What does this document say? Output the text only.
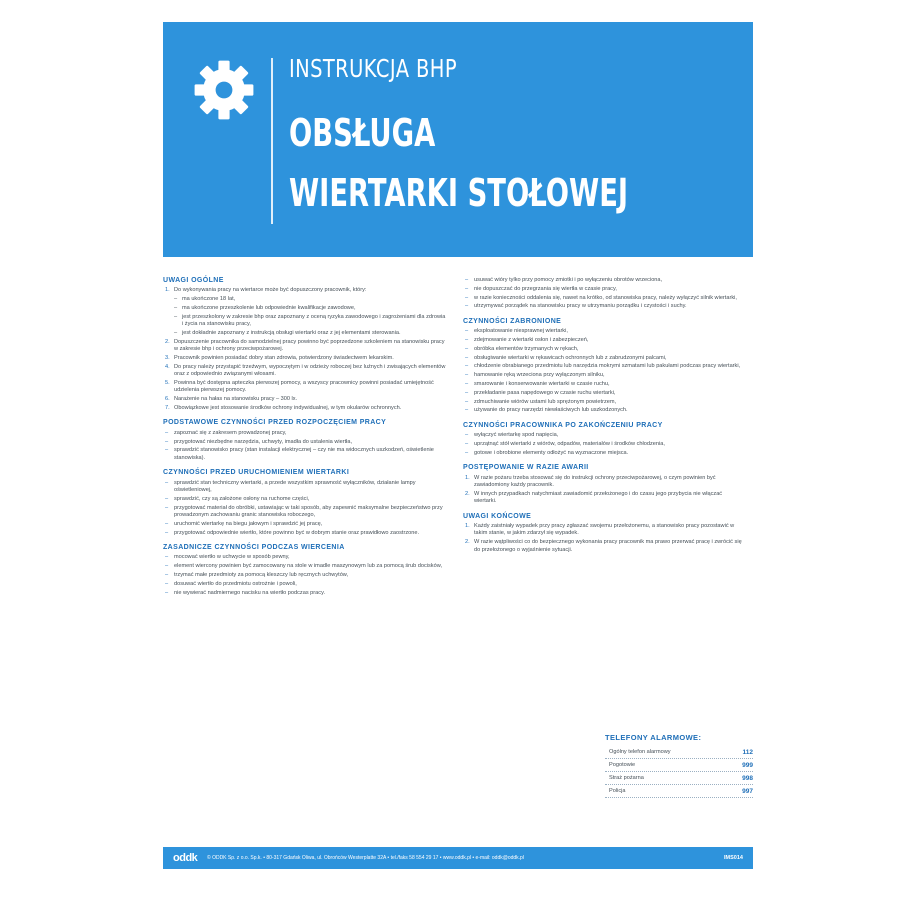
INSTRUKCJA BHP
OBSŁUGA
WIERTARKI STOŁOWEJ
UWAGI OGÓLNE
1. Do wykonywania pracy na wiertarce może być dopuszczony pracownik, który:
– ma ukończone 18 lat,
– ma ukończone przeszkolenie lub odpowiednie kwalifikacje zawodowe,
– jest przeszkolony w zakresie bhp oraz zapoznany z oceną ryzyka zawodowego i zagrożeniami dla zdrowia i życia na stanowisku pracy,
– jest dokładnie zapoznany z instrukcją obsługi wiertarki oraz z jej elementami sterowania.
2. Dopuszczenie pracownika do samodzielnej pracy powinno być poprzedzone szkoleniem na stanowisku pracy w zakresie bhp i ochrony przeciwpożarowej.
3. Pracownik powinien posiadać dobry stan zdrowia, potwierdzony świadectwem lekarskim.
4. Do pracy należy przystąpić trzeźwym, wypoczętym i w odzieży roboczej bez luźnych i zwisających elementów oraz z odpowiednio związanymi włosami.
5. Powinna być dostępna apteczka pierwszej pomocy, a wszyscy pracownicy powinni posiadać umiejętność udzielenia pierwszej pomocy.
6. Narażenie na hałas na stanowisku pracy – 300 lx.
7. Obowiązkowe jest stosowanie środków ochrony indywidualnej, w tym okularów ochronnych.
PODSTAWOWE CZYNNOŚCI PRZED ROZPOCZĘCIEM PRACY
– zapoznać się z zakresem prowadzonej pracy,
– przygotować niezbędne narzędzia, uchwyty, imadła do ustalenia wiertła,
– sprawdzić stanowisko pracy (stan instalacji elektrycznej – czy nie ma widocznych uszkodzeń, oświetlenie stanowiska).
CZYNNOŚCI PRZED URUCHOMIENIEM WIERTARKI
– sprawdzić stan techniczny wiertarki, a przede wszystkim sprawność wyłączników, działanie lampy oświetleniowej,
– sprawdzić, czy są założone osłony na ruchome części,
– przygotować materiał do obróbki, ustawiając w taki sposób, aby zapewnić maksymalne bezpieczeństwo przy prowadzonym zachowaniu granic stanowiska roboczego,
– uruchomić wiertarkę na biegu jałowym i sprawdzić jej pracę,
– przygotować odpowiednie wiertło, które powinno być w dobrym stanie oraz prawidłowo zaostrzone.
ZASADNICZE CZYNNOŚCI PODCZAS WIERCENIA
– mocować wiertło w uchwycie w sposób pewny,
– element wiercony powinien być zamocowany na stole w imadle maszynowym lub za pomocą śrub docisków,
– trzymać małe przedmioty za pomocą kleszczy lub ręcznych uchwytów,
– dosuwać wiertło do przedmiotu ostrożnie i powoli,
– nie wywierać nadmiernego nacisku na wiertło podczas pracy.
– usuwać wióry tylko przy pomocy zmiotki i po wyłączeniu obrotów wrzeciona,
– nie dopuszczać do przegrzania się wiertła w czasie pracy,
– w razie konieczności oddalenia się, nawet na krótko, od stanowiska pracy, należy wyłączyć silnik wiertarki,
– utrzymywać porządek na stanowisku pracy w utrzymaniu porządku i czystości i suchy.
CZYNNOŚCI ZABRONIONE
– eksploatowanie niesprawnej wiertarki,
– zdejmowanie z wiertarki osłon i zabezpieczeń,
– obróbka elementów trzymanych w rękach,
– obsługiwanie wiertarki w rękawicach ochronnych lub z zabrudzonymi palcami,
– chłodzenie obrabianego przedmiotu lub narzędzia mokrymi szmatami lub pakułami podczas pracy wiertarki,
– hamowanie ręką wrzeciona przy wyłączonym silniku,
– smarowanie i konserwowanie wiertarki w czasie ruchu,
– przekładanie pasa napędowego w czasie ruchu wiertarki,
– zdmuchiwanie wiórów ustami lub sprężonym powietrzem,
– używanie do pracy narzędzi niewłaściwych lub uszkodzonych.
CZYNNOŚCI PRACOWNIKA PO ZAKOŃCZENIU PRACY
– wyłączyć wiertarkę spod napięcia,
– uprzątnąć stół wiertarki z wiórów, odpadów, materiałów i środków chłodzenia,
– gotowe i obrobione elementy odłożyć na wyznaczone miejsca.
POSTĘPOWANIE W RAZIE AWARII
1. W razie pożaru trzeba stosować się do instrukcji ochrony przeciwpożarowej, o czym powinien być zawiadomiony każdy pracownik.
2. W innych przypadkach natychmiast zawiadomić przełożonego i do czasu jego przybycia nie włączać wiertarki.
UWAGI KOŃCOWE
1. Każdy zaistniały wypadek przy pracy zgłaszać swojemu przełożonemu, a stanowisko pracy pozostawić w takim stanie, w jakim zdarzył się wypadek.
2. W razie wątpliwości co do bezpiecznego wykonania pracy pracownik ma prawo przerwać pracę i zwrócić się do przełożonego o wyjaśnienie sytuacji.
TELEFONY ALARMOWE:
Ogólny telefon alarmowy	112
Pogotowie	999
Straż pożarna	998
Policja	997
oddk	© ODDK Sp. z o.o. Sp.k. • 80-317 Gdańsk Oliwa, ul. Obrońców Westerplatte 32A • tel./faks 58 554 29 17 • www.oddk.pl • e-mail: oddk@oddk.pl	IMS014
